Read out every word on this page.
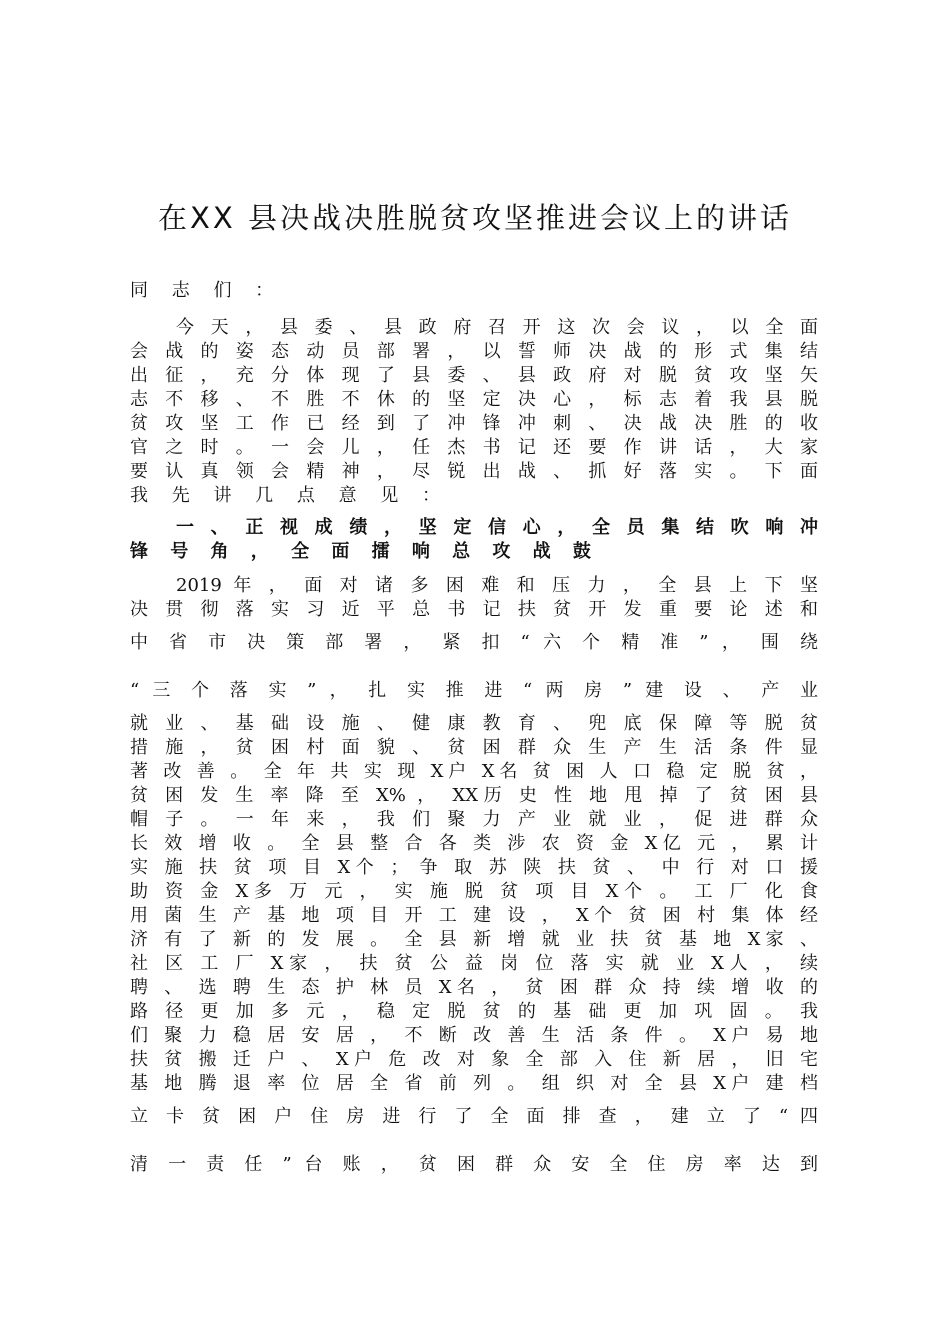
在XX 县决战决胜脱贫攻坚推进会议上的讲话
同 志 们 ：
今 天 ， 县 委 、 县 政 府 召 开 这 次 会 议 ， 以 全 面
会 战 的 姿 态 动 员 部 署 ， 以 誓 师 决 战 的 形 式 集 结
出 征 ， 充 分 体 现 了 县 委 、 县 政 府 对 脱 贫 攻 坚 矢
志 不 移 、 不 胜 不 休 的 坚 定 决 心 ， 标 志 着 我 县 脱
贫 攻 坚 工 作 已 经 到 了 冲 锋 冲 刺 、 决 战 决 胜 的 收
官 之 时 。 一 会 儿 ， 任 杰 书 记 还 要 作 讲 话 ， 大 家
要 认 真 领 会 精 神 ， 尽 锐 出 战 、 抓 好 落 实 。 下 面
我 先 讲 几 点 意 见 ：
一 、 正 视 成 绩 ， 坚 定 信 心 ， 全 员 集 结 吹 响 冲
锋 号 角 ， 全 面 擂 响 总 攻 战 鼓
2019 年 ， 面 对 诸 多 困 难 和 压 力 ， 全 县 上 下 坚
决 贯 彻 落 实 习 近 平 总 书 记 扶 贫 开 发 重 要 论 述 和
中 省 市 决 策 部 署 ， 紧 扣 “ 六 个 精 准 ” ， 围 绕
“ 三 个 落 实 ” ， 扎 实 推 进 “ 两 房 ” 建 设 、 产 业
就 业 、 基 础 设 施 、 健 康 教 育 、 兜 底 保 障 等 脱 贫
措 施 ， 贫 困 村 面 貌 、 贫 困 群 众 生 产 生 活 条 件 显
著 改 善 。 全 年 共 实 现 X户 X名 贫 困 人 口 稳 定 脱 贫 ，
贫 困 发 生 率 降 至 X% ， XX历 史 性 地 甩 掉 了 贫 困 县
帽 子 。 一 年 来 ， 我 们 聚 力 产 业 就 业 ， 促 进 群 众
长 效 增 收 。 全 县 整 合 各 类 涉 农 资 金 X亿 元 ， 累 计
实 施 扶 贫 项 目 X个 ； 争 取 苏 陕 扶 贫 、 中 行 对 口 援
助 资 金 X多 万 元 ， 实 施 脱 贫 项 目 X个 。 工 厂 化 食
用 菌 生 产 基 地 项 目 开 工 建 设 ， X个 贫 困 村 集 体 经
济 有 了 新 的 发 展 。 全 县 新 增 就 业 扶 贫 基 地 X家 、
社 区 工 厂 X家 ， 扶 贫 公 益 岗 位 落 实 就 业 X人 ， 续
聘 、 选 聘 生 态 护 林 员 X名 ， 贫 困 群 众 持 续 增 收 的
路 径 更 加 多 元 ， 稳 定 脱 贫 的 基 础 更 加 巩 固 。 我
们 聚 力 稳 居 安 居 ， 不 断 改 善 生 活 条 件 。 X户 易 地
扶 贫 搬 迁 户 、 X户 危 改 对 象 全 部 入 住 新 居 ， 旧 宅
基 地 腾 退 率 位 居 全 省 前 列 。 组 织 对 全 县 X户 建 档
立 卡 贫 困 户 住 房 进 行 了 全 面 排 查 ， 建 立 了 “ 四
清 一 责 任 ” 台 账 ， 贫 困 群 众 安 全 住 房 率 达 到
